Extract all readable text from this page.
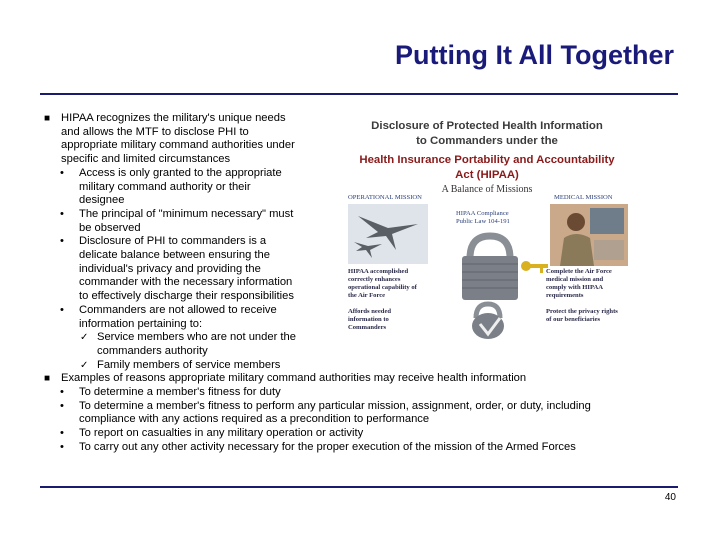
Putting It All Together
■ HIPAA recognizes the military's unique needs
and allows the MTF to disclose PHI to
appropriate military command authorities under
specific and limited circumstances
• Access is only granted to the appropriate
military command authority or their
designee
• The principal of "minimum necessary" must
be observed
• Disclosure of PHI to commanders is a
delicate balance between ensuring the
individual's privacy and providing the
commander with the necessary information
to effectively discharge their responsibilities
• Commanders are not allowed to receive
information pertaining to:
✓ Service members who are not under the
commanders authority
✓ Family members of service members
■ Examples of reasons appropriate military command authorities may receive health information
• To determine a member's fitness for duty
• To determine a member's fitness to perform any particular mission, assignment, order, or duty, including
compliance with any actions required as a precondition to performance
• To report on casualties in any military operation or activity
• To carry out any other activity necessary for the proper execution of the mission of the Armed Forces
Disclosure of Protected Health Information
to Commanders under the
Health Insurance Portability and Accountability
Act (HIPAA)
A Balance of Missions
OPERATIONAL MISSION	MEDICAL MISSION
HIPAA Compliance
Public Law 104-191
HIPAA accomplished
correctly enhances
operational capability of
the Air Force
Affords needed
information to
Commanders
Complete the Air Force
medical mission and
comply with HIPAA
requirements
Protect the privacy rights
of our beneficiaries
40
